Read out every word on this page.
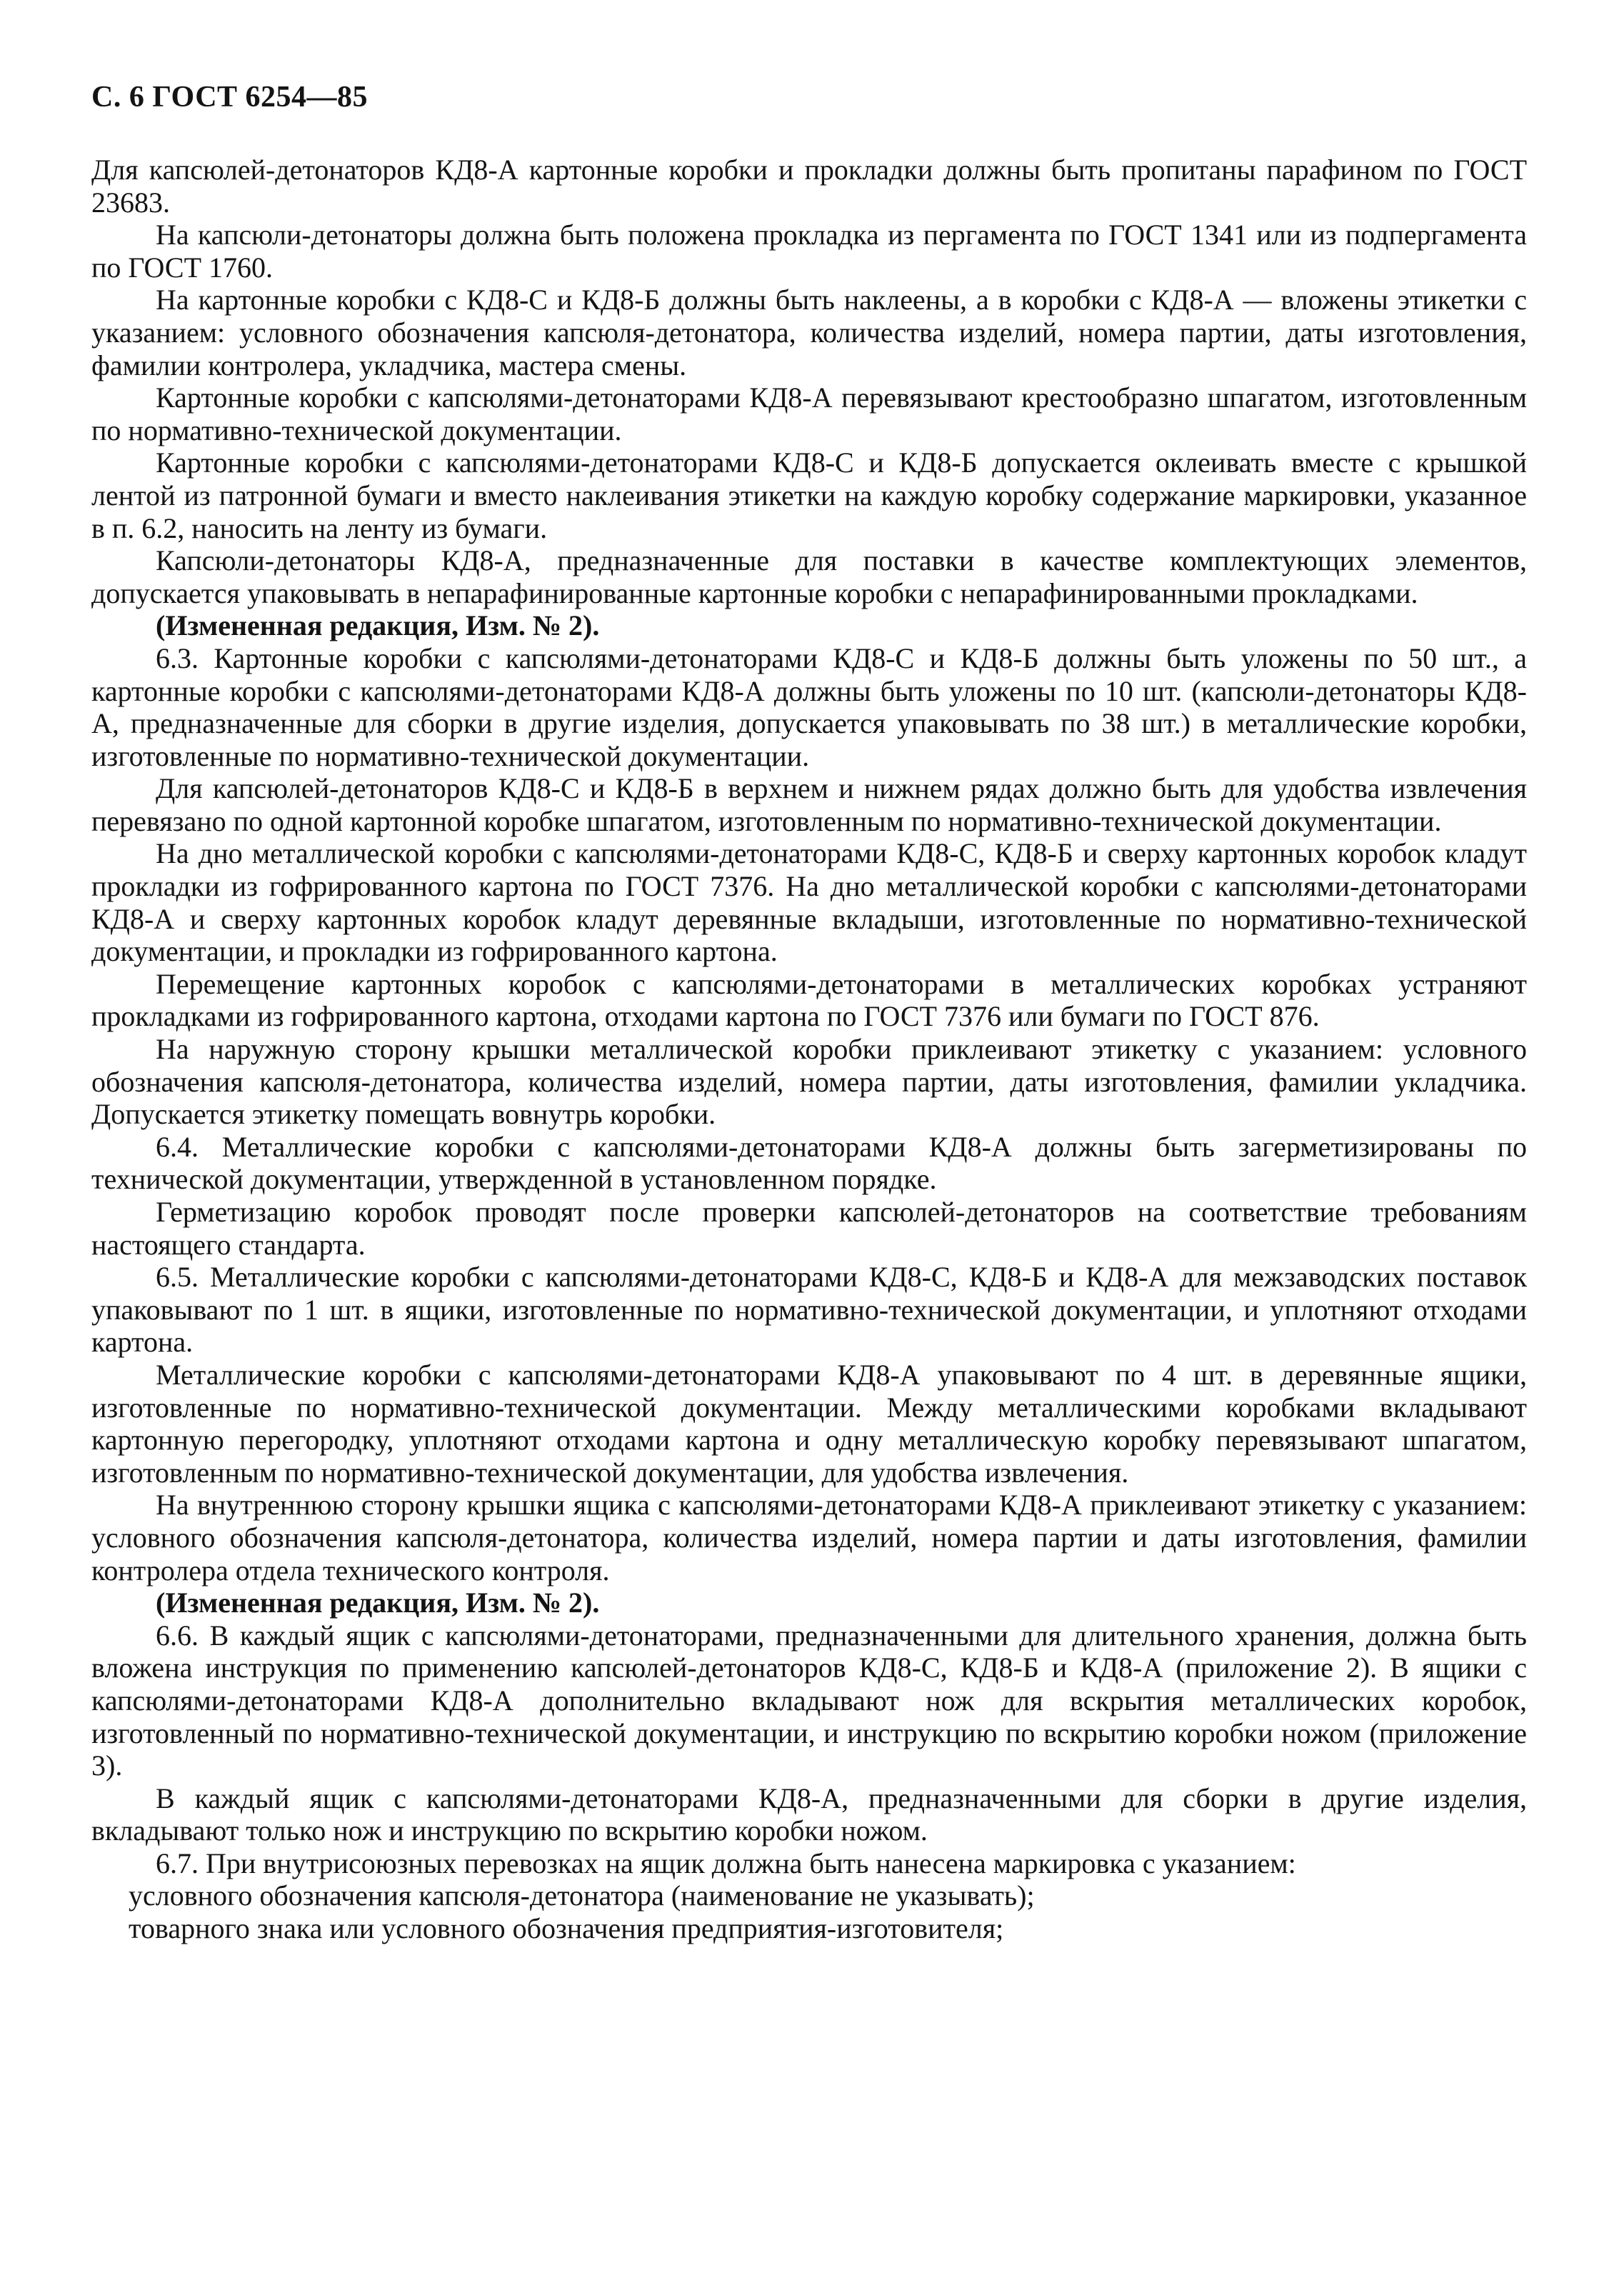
С. 6 ГОСТ 6254—85

Для капсюлей-детонаторов КД8-А картонные коробки и прокладки должны быть пропитаны парафином по ГОСТ 23683.

На капсюли-детонаторы должна быть положена прокладка из пергамента по ГОСТ 1341 или из подпергамента по ГОСТ 1760.

На картонные коробки с КД8-С и КД8-Б должны быть наклеены, а в коробки с КД8-А — вложены этикетки с указанием: условного обозначения капсюля-детонатора, количества изделий, номера партии, даты изготовления, фамилии контролера, укладчика, мастера смены.

Картонные коробки с капсюлями-детонаторами КД8-А перевязывают крестообразно шпагатом, изготовленным по нормативно-технической документации.

Картонные коробки с капсюлями-детонаторами КД8-С и КД8-Б допускается оклеивать вместе с крышкой лентой из патронной бумаги и вместо наклеивания этикетки на каждую коробку содержание маркировки, указанное в п. 6.2, наносить на ленту из бумаги.

Капсюли-детонаторы КД8-А, предназначенные для поставки в качестве комплектующих элементов, допускается упаковывать в непарафинированные картонные коробки с непарафинированными прокладками.

(Измененная редакция, Изм. № 2).

6.3. Картонные коробки с капсюлями-детонаторами КД8-С и КД8-Б должны быть уложены по 50 шт., а картонные коробки с капсюлями-детонаторами КД8-А должны быть уложены по 10 шт. (капсюли-детонаторы КД8-А, предназначенные для сборки в другие изделия, допускается упаковывать по 38 шт.) в металлические коробки, изготовленные по нормативно-технической документации.

Для капсюлей-детонаторов КД8-С и КД8-Б в верхнем и нижнем рядах должно быть для удобства извлечения перевязано по одной картонной коробке шпагатом, изготовленным по нормативно-технической документации.

На дно металлической коробки с капсюлями-детонаторами КД8-С, КД8-Б и сверху картонных коробок кладут прокладки из гофрированного картона по ГОСТ 7376. На дно металлической коробки с капсюлями-детонаторами КД8-А и сверху картонных коробок кладут деревянные вкладыши, изготовленные по нормативно-технической документации, и прокладки из гофрированного картона.

Перемещение картонных коробок с капсюлями-детонаторами в металлических коробках устраняют прокладками из гофрированного картона, отходами картона по ГОСТ 7376 или бумаги по ГОСТ 876.

На наружную сторону крышки металлической коробки приклеивают этикетку с указанием: условного обозначения капсюля-детонатора, количества изделий, номера партии, даты изготовления, фамилии укладчика. Допускается этикетку помещать вовнутрь коробки.

6.4. Металлические коробки с капсюлями-детонаторами КД8-А должны быть загерметизированы по технической документации, утвержденной в установленном порядке.

Герметизацию коробок проводят после проверки капсюлей-детонаторов на соответствие требованиям настоящего стандарта.

6.5. Металлические коробки с капсюлями-детонаторами КД8-С, КД8-Б и КД8-А для межзаводских поставок упаковывают по 1 шт. в ящики, изготовленные по нормативно-технической документации, и уплотняют отходами картона.

Металлические коробки с капсюлями-детонаторами КД8-А упаковывают по 4 шт. в деревянные ящики, изготовленные по нормативно-технической документации. Между металлическими коробками вкладывают картонную перегородку, уплотняют отходами картона и одну металлическую коробку перевязывают шпагатом, изготовленным по нормативно-технической документации, для удобства извлечения.

На внутреннюю сторону крышки ящика с капсюлями-детонаторами КД8-А приклеивают этикетку с указанием: условного обозначения капсюля-детонатора, количества изделий, номера партии и даты изготовления, фамилии контролера отдела технического контроля.

(Измененная редакция, Изм. № 2).

6.6. В каждый ящик с капсюлями-детонаторами, предназначенными для длительного хранения, должна быть вложена инструкция по применению капсюлей-детонаторов КД8-С, КД8-Б и КД8-А (приложение 2). В ящики с капсюлями-детонаторами КД8-А дополнительно вкладывают нож для вскрытия металлических коробок, изготовленный по нормативно-технической документации, и инструкцию по вскрытию коробки ножом (приложение 3).

В каждый ящик с капсюлями-детонаторами КД8-А, предназначенными для сборки в другие изделия, вкладывают только нож и инструкцию по вскрытию коробки ножом.

6.7. При внутрисоюзных перевозках на ящик должна быть нанесена маркировка с указанием:

условного обозначения капсюля-детонатора (наименование не указывать);

товарного знака или условного обозначения предприятия-изготовителя;
